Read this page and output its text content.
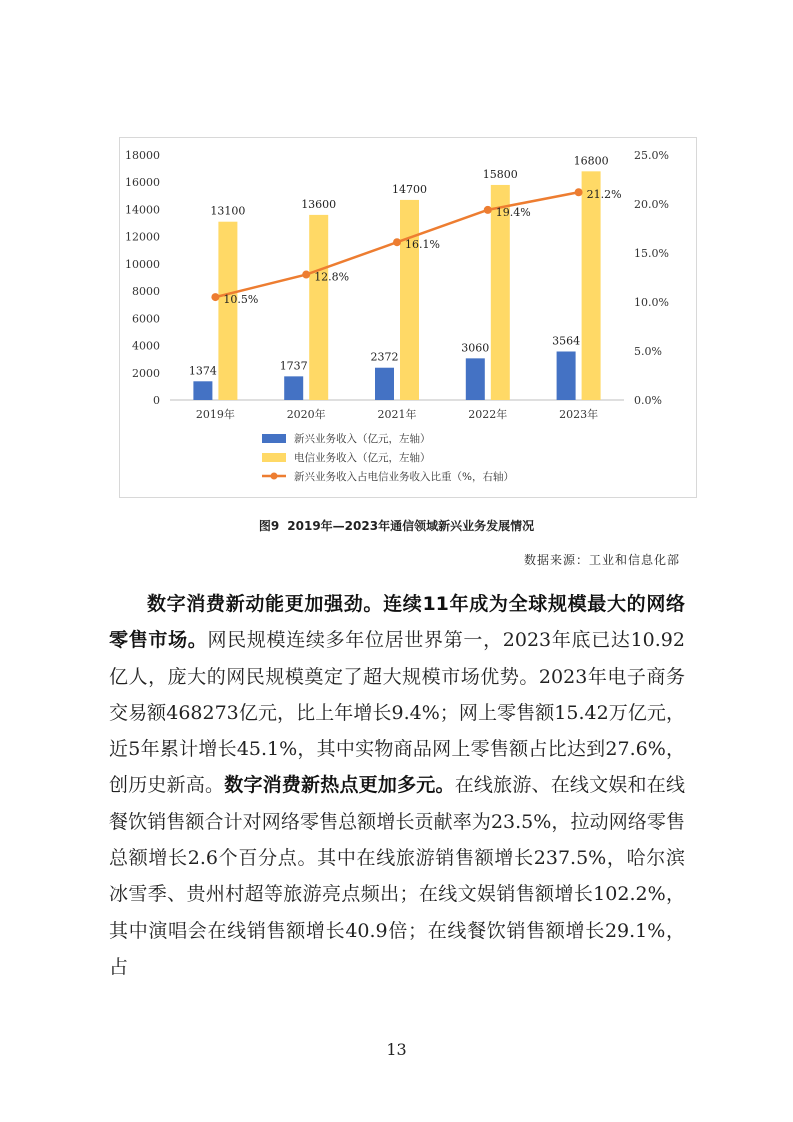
0
2000
4000
6000
8000
10000
12000
14000
16000
18000
0.0%
5.0%
10.0%
15.0%
20.0%
25.0%
2019年
1374
13100
2020年
1737
13600
2021年
2372
14700
2022年
3060
15800
2023年
3564
16800
10.5%
12.8%
16.1%
19.4%
21.2%
新兴业务收入（亿元，左轴）
电信业务收入（亿元，左轴）
新兴业务收入占电信业务收入比重（%，右轴）
图9 2019年—2023年通信领域新兴业务发展情况
数据来源：工业和信息化部

数字消费新动能更加强劲。连续11年成为全球规模最大的网络零售市场。网民规模连续多年位居世界第一，2023年底已达10.92亿人，庞大的网民规模奠定了超大规模市场优势。2023年电子商务交易额468273亿元，比上年增长9.4%；网上零售额15.42万亿元，近5年累计增长45.1%，其中实物商品网上零售额占比达到27.6%，创历史新高。数字消费新热点更加多元。在线旅游、在线文娱和在线餐饮销售额合计对网络零售总额增长贡献率为23.5%，拉动网络零售总额增长2.6个百分点。其中在线旅游销售额增长237.5%，哈尔滨冰雪季、贵州村超等旅游亮点频出；在线文娱销售额增长102.2%，其中演唱会在线销售额增长40.9倍；在线餐饮销售额增长29.1%，占

13
